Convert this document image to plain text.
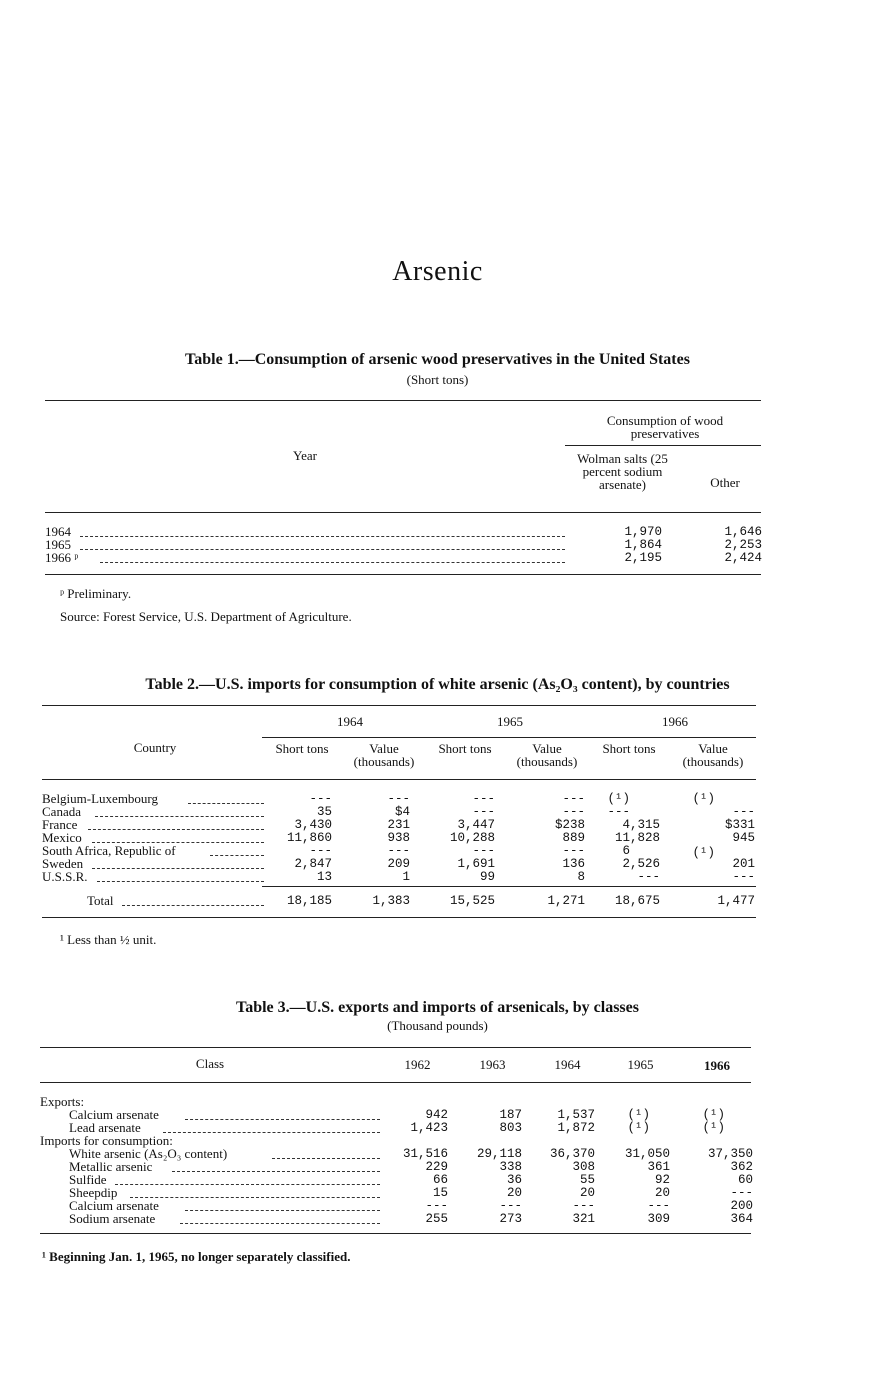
Arsenic
Table 1.—Consumption of arsenic wood preservatives in the United States
(Short tons)
Consumption of wood preservatives
Year	Wolman salts (25 percent sodium arsenate)	Other
1964	1,970	1,646
1965	1,864	2,253
1966 ᵖ	2,195	2,424
ᵖ Preliminary.
Source: Forest Service, U.S. Department of Agriculture.
Table 2.—U.S. imports for consumption of white arsenic (As₂O₃ content), by countries
1964	1965	1966
Country	Short tons	Value (thousands)
Short tons	Value (thousands)
Short tons	Value (thousands)
Belgium-Luxembourg	---	---	---	---	(¹)	(¹)
Canada	35	$4	---	---	---	---
France	3,430	231	3,447	$238	4,315	$331
Mexico	11,860	938	10,288	889	11,828	945
South Africa, Republic of	---	---	---	---	6	(¹)
Sweden	2,847	209	1,691	136	2,526	201
U.S.S.R.	13	1	99	8	---	---
Total	18,185	1,383	15,525	1,271	18,675	1,477
¹ Less than ½ unit.
Table 3.—U.S. exports and imports of arsenicals, by classes
(Thousand pounds)
Class	1962	1963	1964	1965	1966
Exports:
Calcium arsenate	942	187	1,537	(¹)	(¹)
Lead arsenate	1,423	803	1,872	(¹)	(¹)
Imports for consumption:
White arsenic (As₂O₃ content)	31,516	29,118	36,370	31,050	37,350
Metallic arsenic	229	338	308	361	362
Sulfide	66	36	55	92	60
Sheepdip	15	20	20	20	---
Calcium arsenate	---	---	---	---	200
Sodium arsenate	255	273	321	309	364
¹ Beginning Jan. 1, 1965, no longer separately classified.
